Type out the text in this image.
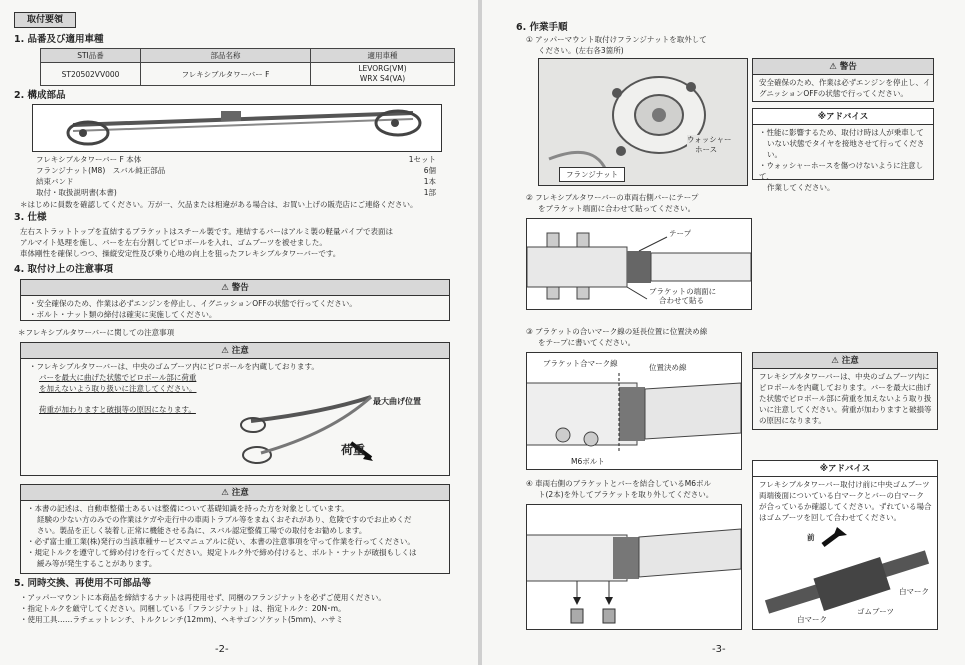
取付要領
1. 品番及び適用車種
STI品番	部品名称	適用車種
ST20502VV000	フレキシブルタワーバー F	LEVORG(VM)
WRX S4(VA)
2. 構成部品
フレキシブルタワーバー F 本体	1セット
フランジナット(M8)　スバル純正部品	6個
結束バンド	1本
取付・取扱説明書(本書)	1部
＊はじめに員数を確認してください。万が一、欠品または相違がある場合は、お買い上げの販売店にご連絡ください。
3. 仕様
左右ストラットトップを直結するブラケットはスチール製です。連結するバーはアルミ製の軽量パイプで表面は
アルマイト処理を施し、バーを左右分割してピロボールを入れ、ゴムブーツを被せました。
車体剛性を確保しつつ、操縦安定性及び乗り心地の向上を狙ったフレキシブルタワーバーです。
4. 取付け上の注意事項
⚠ 警告
・安全確保のため、作業は必ずエンジンを停止し、イグニッションOFFの状態で行ってください。
・ボルト・ナット類の締付は確実に実施してください。
＊フレキシブルタワーバーに関しての注意事項
⚠ 注意
・フレキシブルタワーバーは、中央のゴムブーツ内にピロボールを内蔵しております。
バーを最大に曲げた状態でピロボール部に荷重
を加えないよう取り扱いに注意してください。
荷重が加わりますと破損等の原因になります。
最大曲げ位置
荷重
⚠ 注意
・本書の記述は、自動車整備士あるいは整備について基礎知識を持った方を対象としています。
経験の少ない方のみでの作業はケガや走行中の車両トラブル等をまねくおそれがあり、危険ですのでお止めくだ
さい。製品を正しく装着し正常に機能させる為に、スバル認定整備工場での取付をお勧めします。
・必ず富士重工業(株)発行の当該車種サービスマニュアルに従い、本書の注意事項を守って作業を行ってください。
・規定トルクを遵守して締め付けを行ってください。規定トルク外で締め付けると、ボルト・ナットが破損もしくは
緩み等が発生することがあります。
5. 同時交換、再使用不可部品等
・アッパーマウントに本商品を締結するナットは再使用せず、同梱のフランジナットを必ずご使用ください。
・指定トルクを厳守してください。同梱している「フランジナット」は、指定トルク：20N･m。
・使用工具……ラチェットレンチ、トルクレンチ(12mm)、ヘキサゴンソケット(5mm)、ハサミ
-2-
6. 作業手順
① アッパーマウント取付けフランジナットを取外して
ください。(左右各3箇所)
ウォッシャー
ホース
フランジナット
⚠ 警告
安全確保のため、作業は必ずエンジンを停止し、イ
グニッションOFFの状態で行ってください。
※アドバイス
・性能に影響するため、取付け時は人が乗車して
いない状態でタイヤを接地させて行ってください。
・ウォッシャーホースを傷つけないように注意して、
作業してください。
② フレキシブルタワーバーの車両右側バーにテープ
をブラケット端面に合わせて貼ってください。
テープ
ブラケットの端面に
合わせて貼る
③ ブラケットの合いマーク線の延長位置に位置決め線
をテープに書いてください。
ブラケット合マーク線	位置決め線
M6ボルト
⚠ 注意
フレキシブルタワーバーは、中央のゴムブーツ内に
ピロボールを内蔵しております。バーを最大に曲げ
た状態でピロボール部に荷重を加えないよう取り扱
いに注意してください。荷重が加わりますと破損等
の原因になります。
④ 車両右側のブラケットとバーを結合しているM6ボル
ト(2本)を外してブラケットを取り外してください。
※アドバイス
フレキシブルタワーバー取付け前に中央ゴムブーツ
両端後面についている白マークとバーの白マーク
が合っているか確認してください。ずれている場合
はゴムブーツを回して合わせてください。
前
白マーク
白マーク
ゴムブーツ
-3-
